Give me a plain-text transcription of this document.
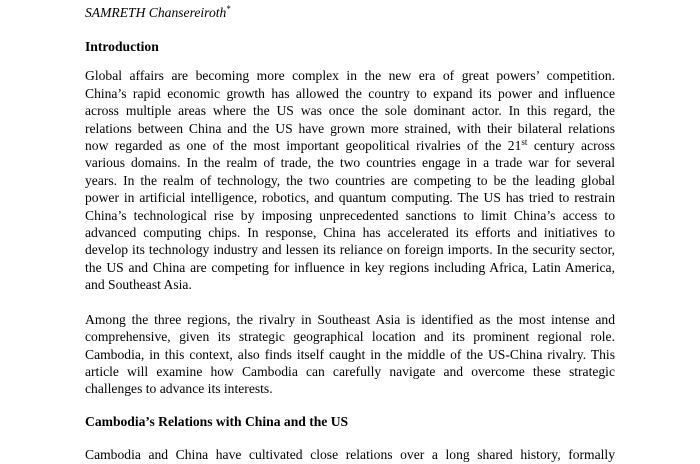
SAMRETH Chansereiroth*

Introduction

Global affairs are becoming more complex in the new era of great powers’ competition.
China’s rapid economic growth has allowed the country to expand its power and influence
across multiple areas where the US was once the sole dominant actor. In this regard, the
relations between China and the US have grown more strained, with their bilateral relations
now regarded as one of the most important geopolitical rivalries of the 21st century across
various domains. In the realm of trade, the two countries engage in a trade war for several
years. In the realm of technology, the two countries are competing to be the leading global
power in artificial intelligence, robotics, and quantum computing. The US has tried to restrain
China’s technological rise by imposing unprecedented sanctions to limit China’s access to
advanced computing chips. In response, China has accelerated its efforts and initiatives to
develop its technology industry and lessen its reliance on foreign imports. In the security sector,
the US and China are competing for influence in key regions including Africa, Latin America,
and Southeast Asia.
Among the three regions, the rivalry in Southeast Asia is identified as the most intense and
comprehensive, given its strategic geographical location and its prominent regional role.
Cambodia, in this context, also finds itself caught in the middle of the US-China rivalry. This
article will examine how Cambodia can carefully navigate and overcome these strategic
challenges to advance its interests.

Cambodia’s Relations with China and the US

Cambodia and China have cultivated close relations over a long shared history, formally
